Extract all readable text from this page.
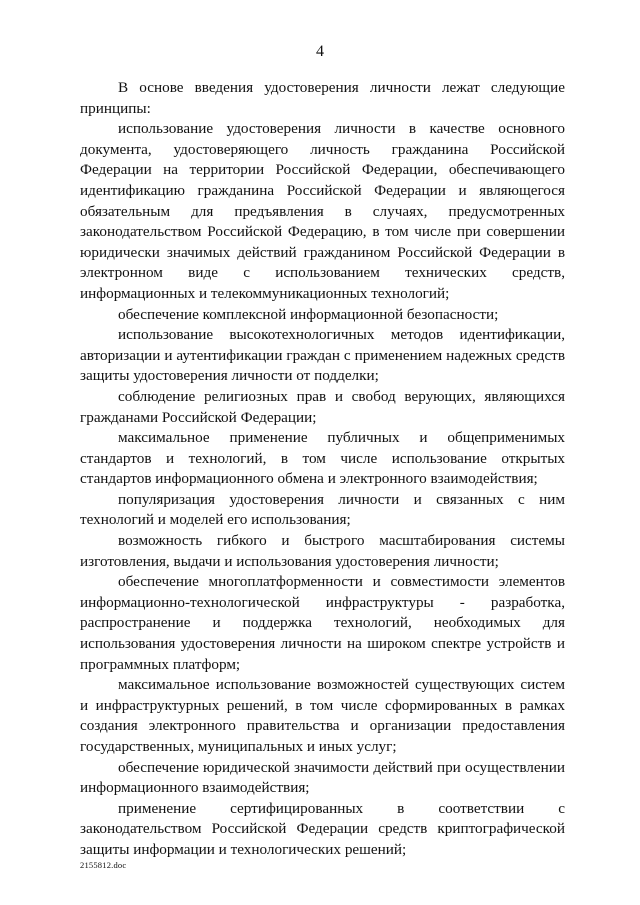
4

В основе введения удостоверения личности лежат следующие принципы:

использование удостоверения личности в качестве основного документа, удостоверяющего личность гражданина Российской Федерации на территории Российской Федерации, обеспечивающего идентификацию гражданина Российской Федерации и являющегося обязательным для предъявления в случаях, предусмотренных законодательством Российской Федерацию, в том числе при совершении юридически значимых действий гражданином Российской Федерации в электронном виде с использованием технических средств, информационных и телекоммуникационных технологий;

обеспечение комплексной информационной безопасности;

использование высокотехнологичных методов идентификации, авторизации и аутентификации граждан с применением надежных средств защиты удостоверения личности от подделки;

соблюдение религиозных прав и свобод верующих, являющихся гражданами Российской Федерации;

максимальное применение публичных и общеприменимых стандартов и технологий, в том числе использование открытых стандартов информационного обмена и электронного взаимодействия;

популяризация удостоверения личности и связанных с ним технологий и моделей его использования;

возможность гибкого и быстрого масштабирования системы изготовления, выдачи и использования удостоверения личности;

обеспечение многоплатформенности и совместимости элементов информационно-технологической инфраструктуры - разработка, распространение и поддержка технологий, необходимых для использования удостоверения личности на широком спектре устройств и программных платформ;

максимальное использование возможностей существующих систем и инфраструктурных решений, в том числе сформированных в рамках создания электронного правительства и организации предоставления государственных, муниципальных и иных услуг;

обеспечение юридической значимости действий при осуществлении информационного взаимодействия;

применение сертифицированных в соответствии с законодательством Российской Федерации средств криптографической защиты информации и технологических решений;

2155812.doc
